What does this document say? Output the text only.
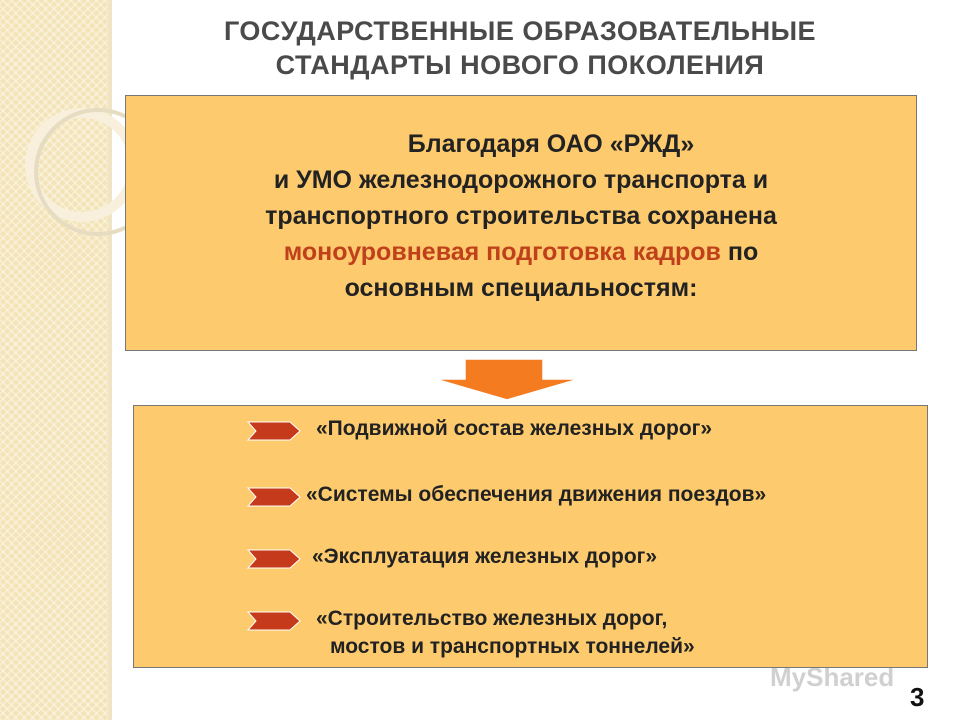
ГОСУДАРСТВЕННЫЕ ОБРАЗОВАТЕЛЬНЫЕ
СТАНДАРТЫ НОВОГО ПОКОЛЕНИЯ
Благодаря ОАО «РЖД»
и УМО железнодорожного транспорта и
транспортного строительства сохранена
моноуровневая подготовка кадров по
основным специальностям:
«Подвижной состав железных дорог»
«Системы обеспечения движения поездов»
«Эксплуатация железных дорог»
«Строительство железных дорог,
мостов и транспортных тоннелей»
MyShared
3
